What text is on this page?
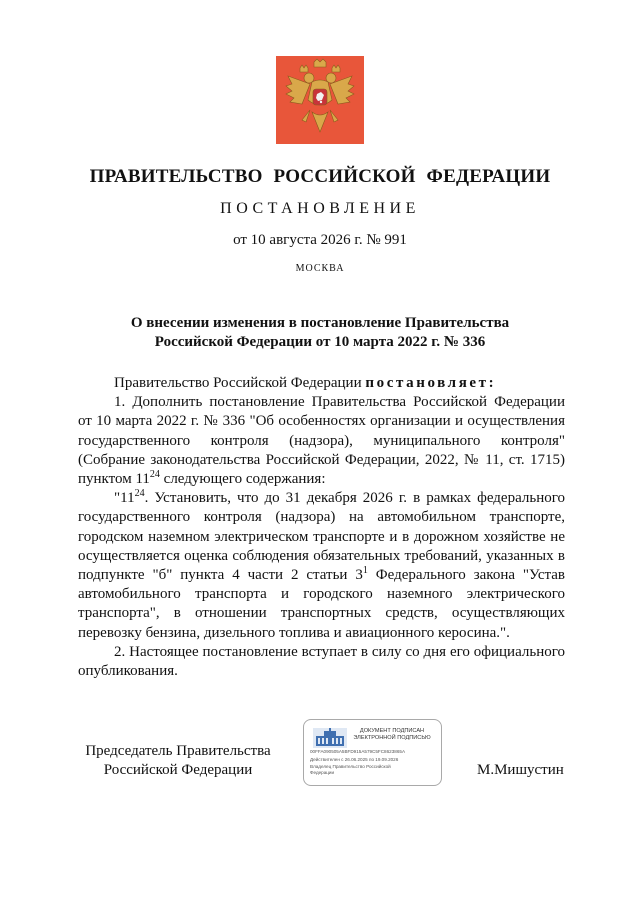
ПРАВИТЕЛЬСТВО РОССИЙСКОЙ ФЕДЕРАЦИИ
ПОСТАНОВЛЕНИЕ
от 10 августа 2026 г. № 991
МОСКВА
О внесении изменения в постановление Правительства
Российской Федерации от 10 марта 2022 г. № 336

Правительство Российской Федерации постановляет:

1. Дополнить постановление Правительства Российской Федерации от 10 марта 2022 г. № 336 "Об особенностях организации и осуществления государственного контроля (надзора), муниципального контроля" (Собрание законодательства Российской Федерации, 2022, № 11, ст. 1715) пунктом $11^{24}$ следующего содержания:

"$11^{24}$. Установить, что до 31 декабря 2026 г. в рамках федерального государственного контроля (надзора) на автомобильном транспорте, городском наземном электрическом транспорте и в дорожном хозяйстве не осуществляется оценка соблюдения обязательных требований, указанных в подпункте "б" пункта 4 части 2 статьи $3^1$ Федерального закона "Устав автомобильного транспорта и городского наземного электрического транспорта", в отношении транспортных средств, осуществляющих перевозку бензина, дизельного топлива и авиационного керосина.".

2. Настоящее постановление вступает в силу со дня его официального опубликования.

Председатель Правительства
Российской Федерации
ДОКУМЕНТ ПОДПИСАН
ЭЛЕКТРОННОЙ ПОДПИСЬЮ
00FFA090505A5BFD915A579C5FC8623865A
Действителен с 26.06.2025 по 19.09.2026
Владелец Правительство Российской
Федерации	М.Мишустин
